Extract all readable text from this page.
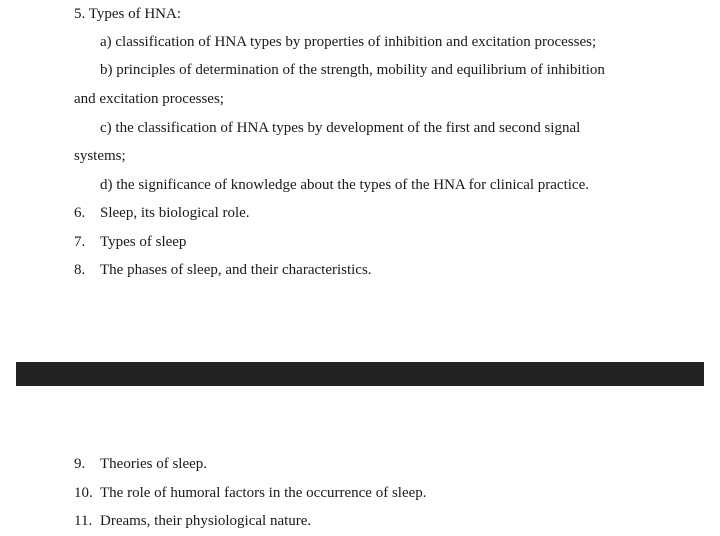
5. Types of HNA:
a) classification of HNA types by properties of inhibition and excitation processes;
b) principles of determination of the strength, mobility and equilibrium of inhibition
and excitation processes;
c) the classification of HNA types by development of the first and second signal
systems;
d) the significance of knowledge about the types of the HNA for clinical practice.
6. Sleep, its biological role.
7. Types of sleep
8. The phases of sleep, and their characteristics.
9. Theories of sleep.
10. The role of humoral factors in the occurrence of sleep.
11. Dreams, their physiological nature.
